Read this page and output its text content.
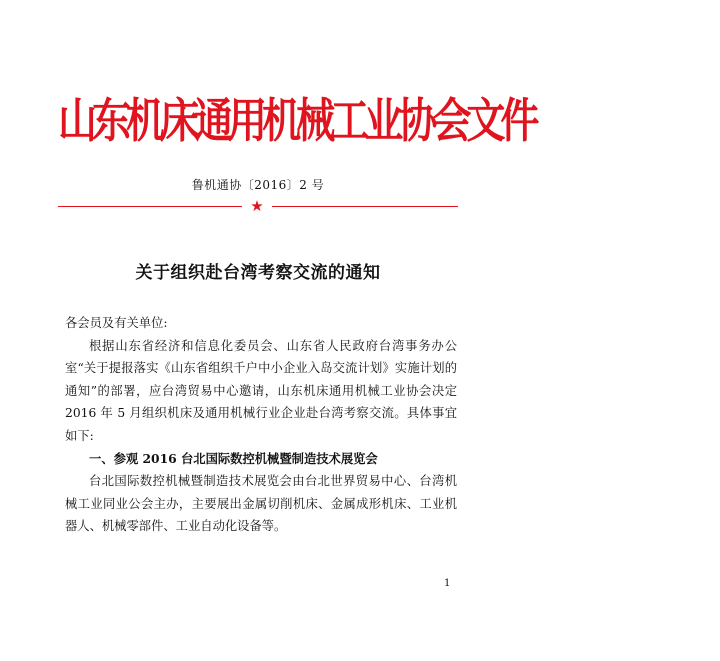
山东机床通用机械工业协会文件
鲁机通协〔2016〕2 号
★
关于组织赴台湾考察交流的通知

各会员及有关单位:

根据山东省经济和信息化委员会、山东省人民政府台湾事务办公室“关于提报落实《山东省组织千户中小企业入岛交流计划》实施计划的通知”的部署，应台湾贸易中心邀请，山东机床通用机械工业协会决定 2016 年 5 月组织机床及通用机械行业企业赴台湾考察交流。具体事宜如下:

一、参观 2016 台北国际数控机械暨制造技术展览会

台北国际数控机械暨制造技术展览会由台北世界贸易中心、台湾机械工业同业公会主办，主要展出金属切削机床、金属成形机床、工业机器人、机械零部件、工业自动化设备等。

1
